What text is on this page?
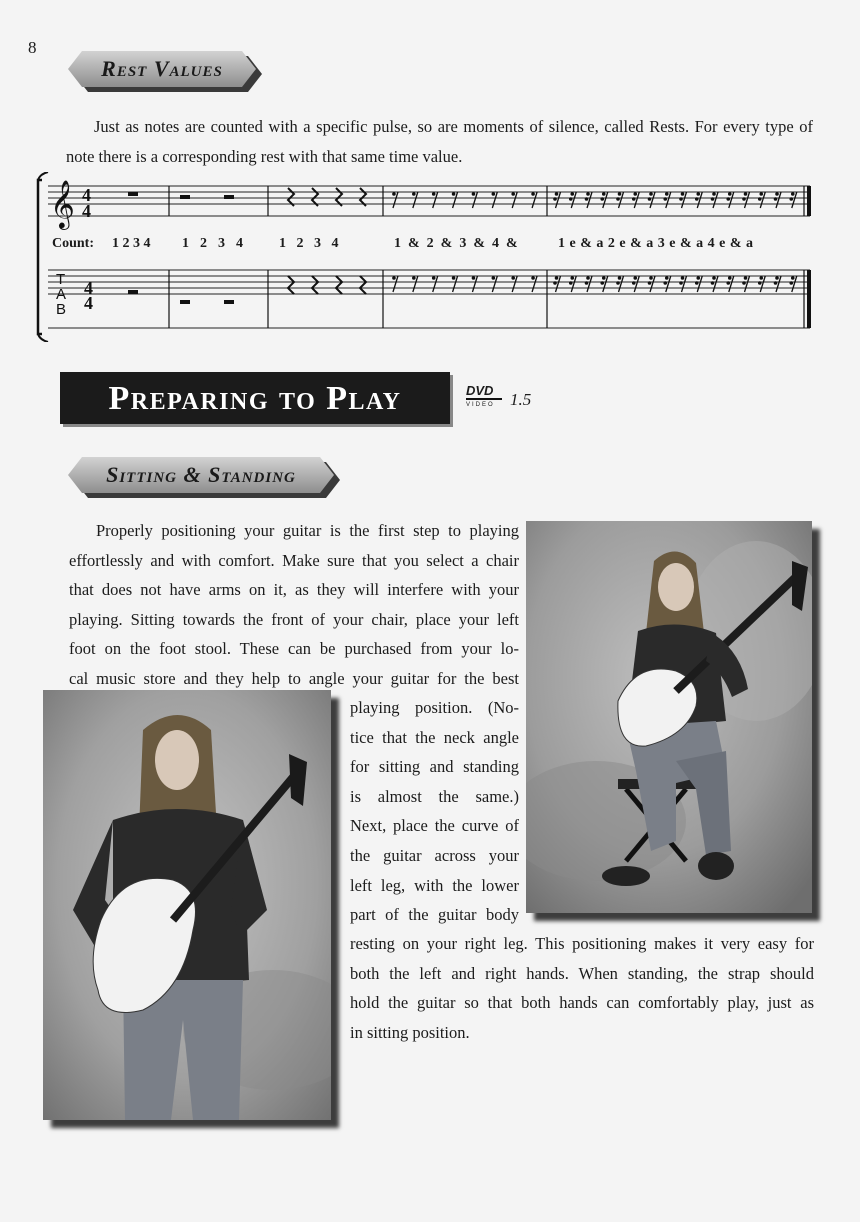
8
Rest Values
Just as notes are counted with a specific pulse, so are moments of silence, called Rests. For every type of note there is a corresponding rest with that same time value.
𝄞 4
4
T
A
B
4
4
Count: 1 2 3 4 1  2  3  4	1   2   3   4	1  &  2  &  3  &  4  &	1 e & a 2 e & a 3 e & a 4 e & a
Preparing to Play	DVD
VIDEO 1.5
Sitting & Standing
Properly positioning your guitar is the first step to playing
effortlessly and with comfort. Make sure that you select a chair
that does not have arms on it, as they will interfere with your
playing. Sitting towards the front of your chair, place your left
foot on the foot stool. These can be purchased from your lo-
cal music store and they help to angle your guitar for the best
playing position. (No-
tice that the neck angle
for sitting and standing
is almost the same.)
Next, place the curve of
the guitar across your
left leg, with the lower
part of the guitar body
resting on your right leg. This positioning makes it very easy for
both the left and right hands. When standing, the strap should
hold the guitar so that both hands can comfortably play, just as
in sitting position.
